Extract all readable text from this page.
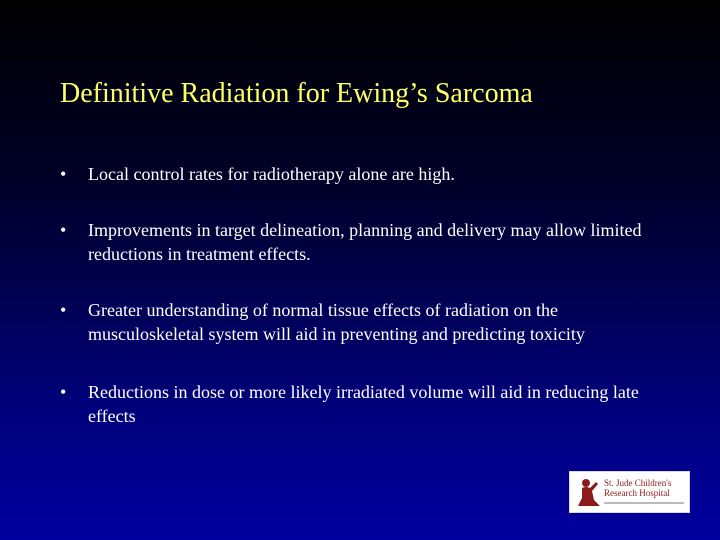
Definitive Radiation for Ewing’s Sarcoma
•	Local control rates for radiotherapy alone are high.
•	Improvements in target delineation, planning and delivery may allow limited reductions in treatment effects.
•	Greater understanding of normal tissue effects of radiation on the musculoskeletal system will aid in preventing and predicting toxicity
•	Reductions in dose or more likely irradiated volume will aid in reducing late effects
St. Jude Children's
Research Hospital
